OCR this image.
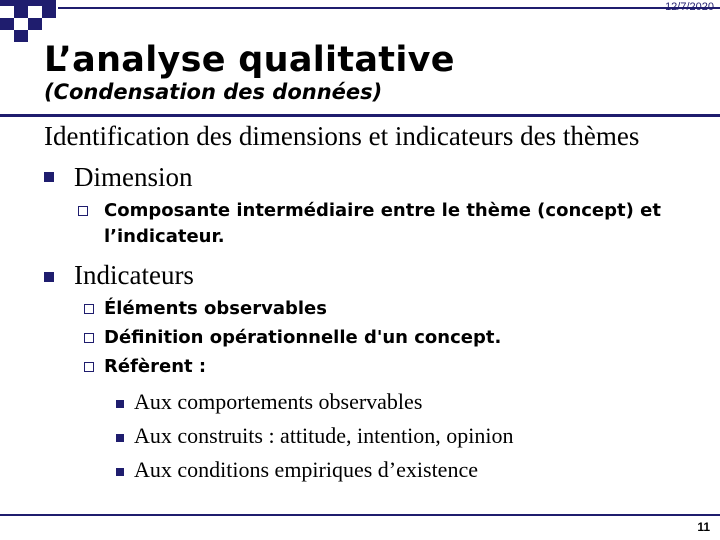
12/7/2020
L’analyse qualitative
(Condensation des données)
Identification des dimensions et indicateurs des thèmes
Dimension
Composante intermédiaire entre le thème (concept) et
l’indicateur.
Indicateurs
Éléments observables
Définition opérationnelle d'un concept.
Réfèrent :
Aux comportements observables
Aux construits : attitude, intention, opinion
Aux conditions empiriques d’existence
11
